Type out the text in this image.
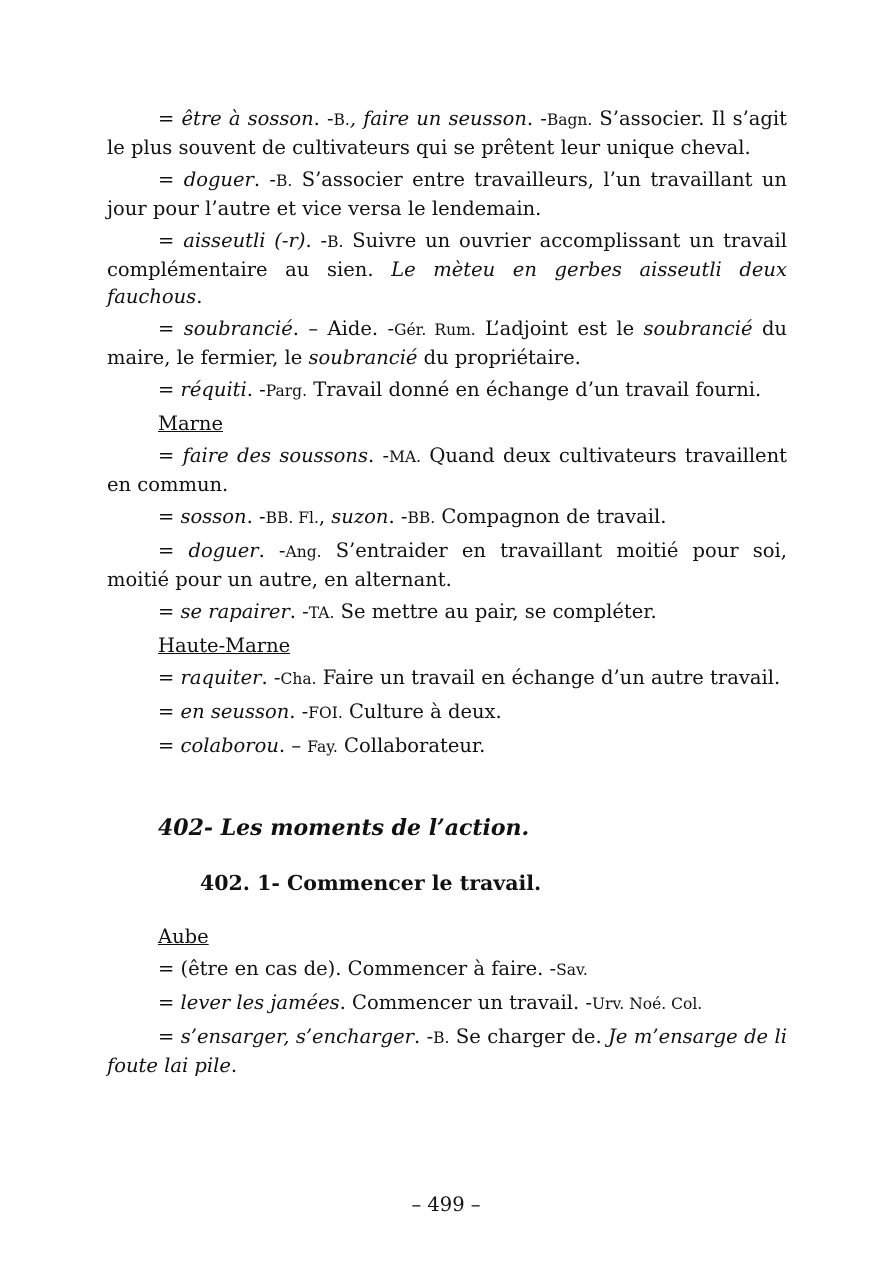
= être à sosson. -B., faire un seusson. -Bagn. S’associer. Il s’agit le plus souvent de cultivateurs qui se prêtent leur unique cheval.

= doguer. -B. S’associer entre travailleurs, l’un travaillant un jour pour l’autre et vice versa le lendemain.

= aisseutli (-r). -B. Suivre un ouvrier accomplissant un travail complémentaire au sien. Le mèteu en gerbes aisseutli deux fauchous.

= soubrancié. – Aide. -Gér. Rum. L’adjoint est le soubrancié du maire, le fermier, le soubrancié du propriétaire.

= réquiti. -Parg. Travail donné en échange d’un travail fourni.

Marne

= faire des soussons. -MA. Quand deux cultivateurs travaillent en commun.

= sosson. -BB. Fl., suzon. -BB. Compagnon de travail.

= doguer. -Ang. S’entraider en travaillant moitié pour soi, moitié pour un autre, en alternant.

= se rapairer. -TA. Se mettre au pair, se compléter.

Haute-Marne

= raquiter. -Cha. Faire un travail en échange d’un autre travail.

= en seusson. -FOI. Culture à deux.

= colaborou. – Fay. Collaborateur.

402- Les moments de l’action.
402. 1- Commencer le travail.
Aube

= (être en cas de). Commencer à faire. -Sav.

= lever les jamées. Commencer un travail. -Urv. Noé. Col.

= s’ensarger, s’encharger. -B. Se charger de. Je m’ensarge de li foute lai pile.

– 499 –
